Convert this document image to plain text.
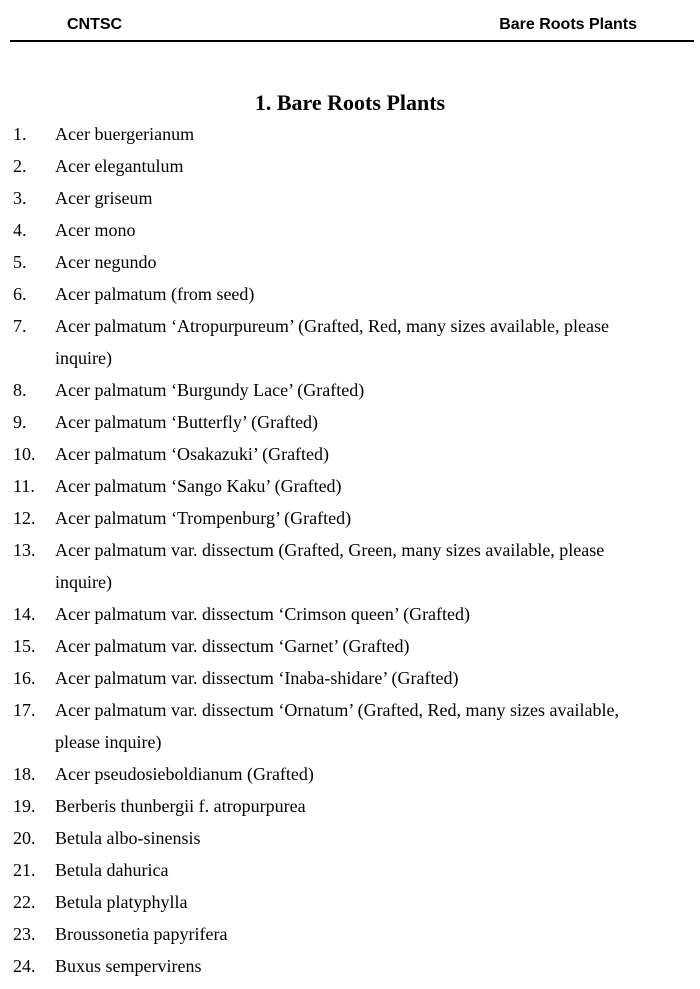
CNTSC	Bare Roots Plants
1. Bare Roots Plants
1. Acer buergerianum
2. Acer elegantulum
3. Acer griseum
4. Acer mono
5. Acer negundo
6. Acer palmatum (from seed)
7. Acer palmatum ‘Atropurpureum’ (Grafted, Red, many sizes available, please inquire)
8. Acer palmatum ‘Burgundy Lace’ (Grafted)
9. Acer palmatum ‘Butterfly’ (Grafted)
10. Acer palmatum ‘Osakazuki’ (Grafted)
11. Acer palmatum ‘Sango Kaku’ (Grafted)
12. Acer palmatum ‘Trompenburg’ (Grafted)
13. Acer palmatum var. dissectum (Grafted, Green, many sizes available, please inquire)
14. Acer palmatum var. dissectum ‘Crimson queen’ (Grafted)
15. Acer palmatum var. dissectum ‘Garnet’ (Grafted)
16. Acer palmatum var. dissectum ‘Inaba-shidare’ (Grafted)
17. Acer palmatum var. dissectum ‘Ornatum’ (Grafted, Red, many sizes available, please inquire)
18. Acer pseudosieboldianum (Grafted)
19. Berberis thunbergii f. atropurpurea
20. Betula albo-sinensis
21. Betula dahurica
22. Betula platyphylla
23. Broussonetia papyrifera
24. Buxus sempervirens
